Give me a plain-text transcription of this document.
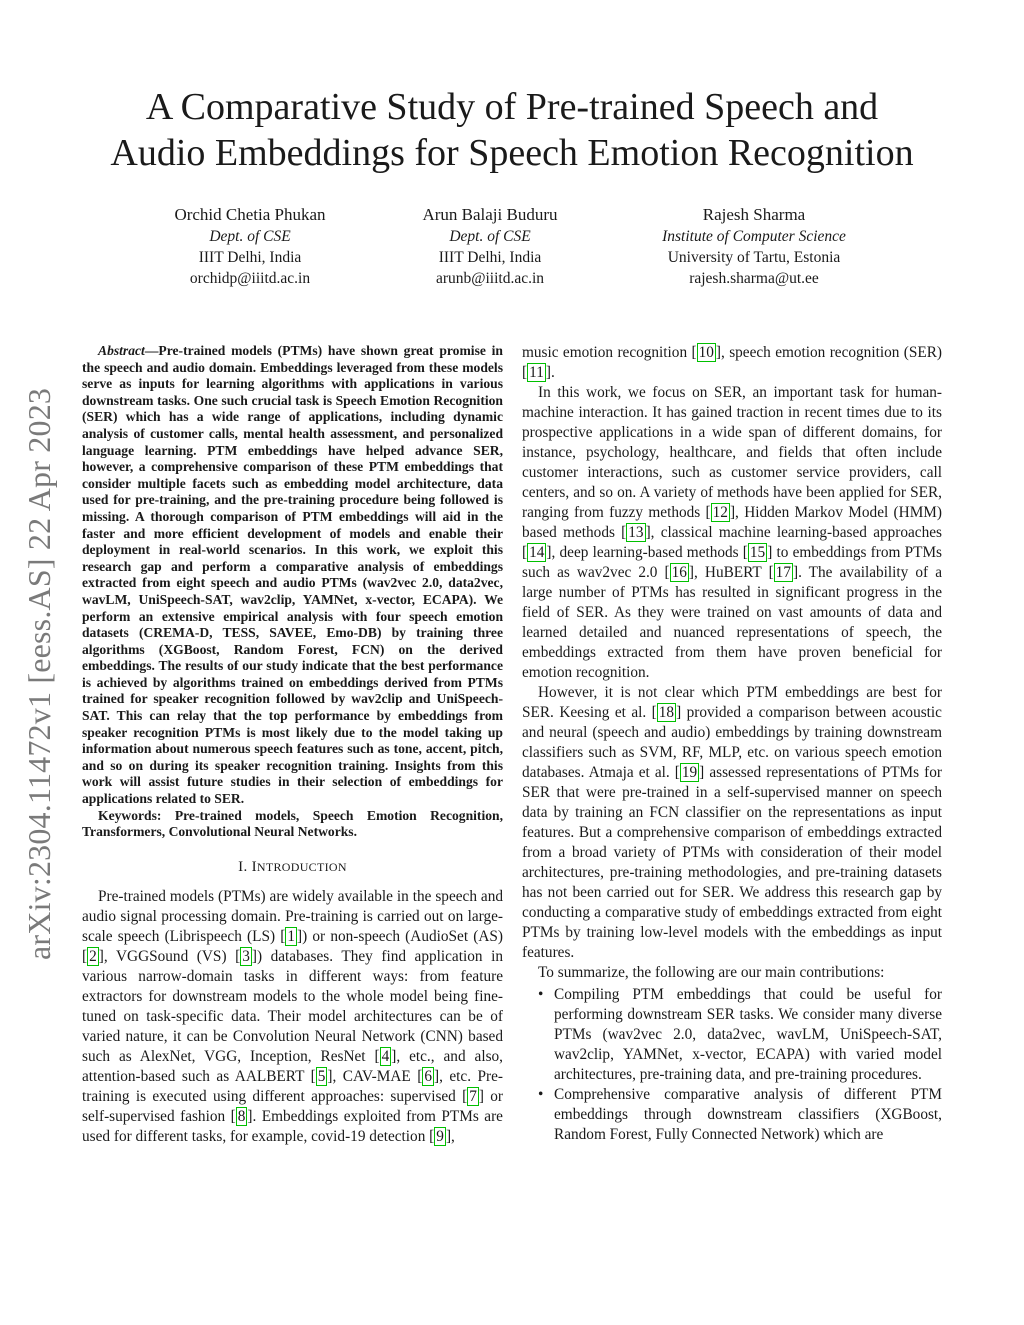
A Comparative Study of Pre-trained Speech and
Audio Embeddings for Speech Emotion Recognition
Orchid Chetia Phukan
Dept. of CSE
IIIT Delhi, India
orchidp@iiitd.ac.in
Arun Balaji Buduru
Dept. of CSE
IIIT Delhi, India
arunb@iiitd.ac.in
Rajesh Sharma
Institute of Computer Science
University of Tartu, Estonia
rajesh.sharma@ut.ee
arXiv:2304.11472v1 [eess.AS] 22 Apr 2023

Abstract—Pre-trained models (PTMs) have shown great promise in the speech and audio domain. Embeddings leveraged from these models serve as inputs for learning algorithms with applications in various downstream tasks. One such crucial task is Speech Emotion Recognition (SER) which has a wide range of applications, including dynamic analysis of customer calls, mental health assessment, and personalized language learning. PTM embeddings have helped advance SER, however, a comprehensive comparison of these PTM embeddings that consider multiple facets such as embedding model architecture, data used for pre-training, and the pre-training procedure being followed is missing. A thorough comparison of PTM embeddings will aid in the faster and more efficient development of models and enable their deployment in real-world scenarios. In this work, we exploit this research gap and perform a comparative analysis of embeddings extracted from eight speech and audio PTMs (wav2vec 2.0, data2vec, wavLM, UniSpeech-SAT, wav2clip, YAMNet, x-vector, ECAPA). We perform an extensive empirical analysis with four speech emotion datasets (CREMA-D, TESS, SAVEE, Emo-DB) by training three algorithms (XGBoost, Random Forest, FCN) on the derived embeddings. The results of our study indicate that the best performance is achieved by algorithms trained on embeddings derived from PTMs trained for speaker recognition followed by wav2clip and UniSpeech-SAT. This can relay that the top performance by embeddings from speaker recognition PTMs is most likely due to the model taking up information about numerous speech features such as tone, accent, pitch, and so on during its speaker recognition training. Insights from this work will assist future studies in their selection of embeddings for applications related to SER.

Keywords: Pre-trained models, Speech Emotion Recognition, Transformers, Convolutional Neural Networks.

I. INTRODUCTION

Pre-trained models (PTMs) are widely available in the speech and audio signal processing domain. Pre-training is carried out on large-scale speech (Librispeech (LS) [ 1 ]) or non-speech (AudioSet (AS) [ 2 ], VGGSound (VS) [ 3 ]) databases. They find application in various narrow-domain tasks in different ways: from feature extractors for downstream models to the whole model being fine-tuned on task-specific data. Their model architectures can be of varied nature, it can be Convolution Neural Network (CNN) based such as AlexNet, VGG, Inception, ResNet [ 4 ], etc., and also, attention-based such as AALBERT [ 5 ], CAV-MAE [ 6 ], etc. Pre-training is executed using different approaches: supervised [ 7 ] or self-supervised fashion [ 8 ]. Embeddings exploited from PTMs are used for different tasks, for example, covid-19 detection [ 9 ],

music emotion recognition [ 10 ], speech emotion recognition (SER) [ 11 ].

In this work, we focus on SER, an important task for human-machine interaction. It has gained traction in recent times due to its prospective applications in a wide span of different domains, for instance, psychology, healthcare, and fields that often include customer interactions, such as customer service providers, call centers, and so on. A variety of methods have been applied for SER, ranging from fuzzy methods [ 12 ], Hidden Markov Model (HMM) based methods [ 13 ], classical machine learning-based approaches [ 14 ], deep learning-based methods [ 15 ] to embeddings from PTMs such as wav2vec 2.0 [ 16 ], HuBERT [ 17 ]. The availability of a large number of PTMs has resulted in significant progress in the field of SER. As they were trained on vast amounts of data and learned detailed and nuanced representations of speech, the embeddings extracted from them have proven beneficial for emotion recognition.

However, it is not clear which PTM embeddings are best for SER. Keesing et al. [ 18 ] provided a comparison between acoustic and neural (speech and audio) embeddings by training downstream classifiers such as SVM, RF, MLP, etc. on various speech emotion databases. Atmaja et al. [ 19 ] assessed representations of PTMs for SER that were pre-trained in a self-supervised manner on speech data by training an FCN classifier on the representations as input features. But a comprehensive comparison of embeddings extracted from a broad variety of PTMs with consideration of their model architectures, pre-training methodologies, and pre-training datasets has not been carried out for SER. We address this research gap by conducting a comparative study of embeddings extracted from eight PTMs by training low-level models with the embeddings as input features.

To summarize, the following are our main contributions:

• Compiling PTM embeddings that could be useful for performing downstream SER tasks. We consider many diverse PTMs (wav2vec 2.0, data2vec, wavLM, UniSpeech-SAT, wav2clip, YAMNet, x-vector, ECAPA) with varied model architectures, pre-training data, and pre-training procedures.
• Comprehensive comparative analysis of different PTM embeddings through downstream classifiers (XGBoost, Random Forest, Fully Connected Network) which are
